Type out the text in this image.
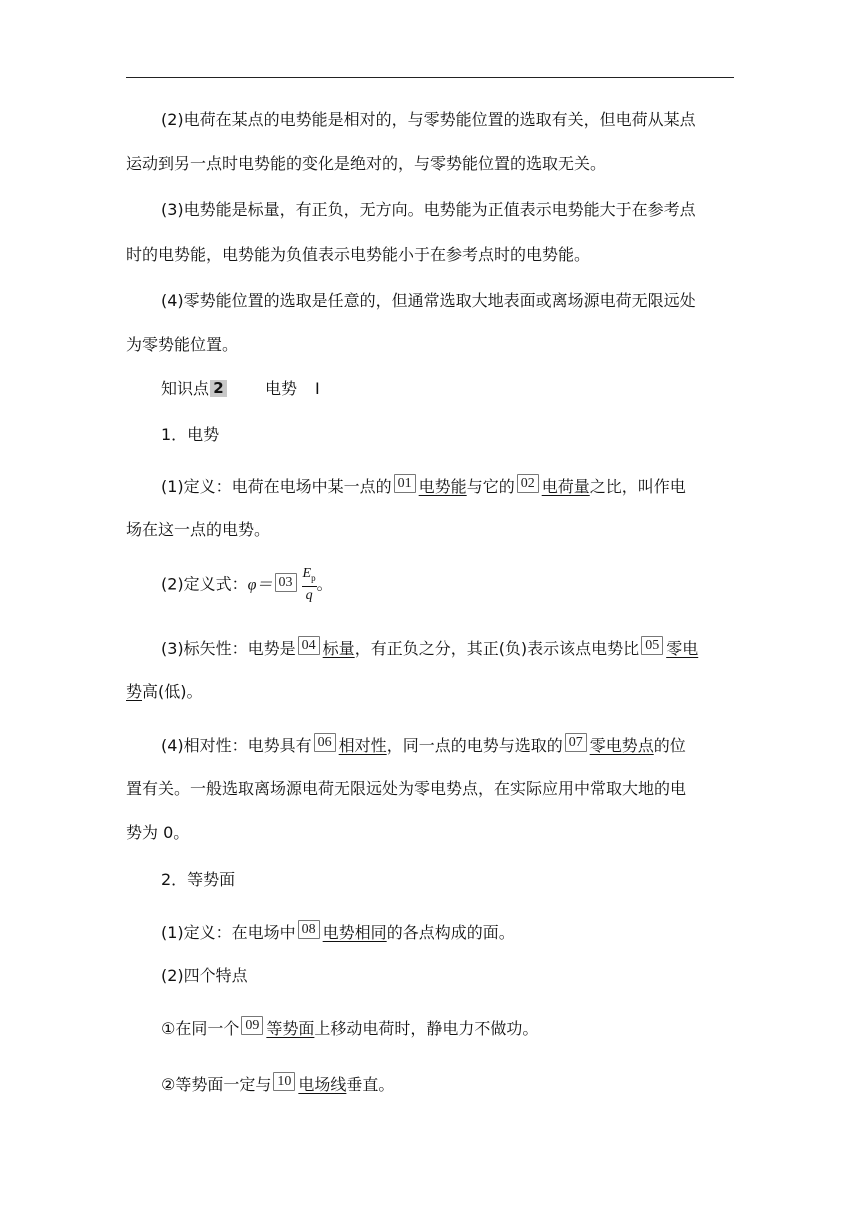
(2)电荷在某点的电势能是相对的，与零势能位置的选取有关，但电荷从某点
运动到另一点时电势能的变化是绝对的，与零势能位置的选取无关。
(3)电势能是标量，有正负，无方向。电势能为正值表示电势能大于在参考点
时的电势能，电势能为负值表示电势能小于在参考点时的电势能。
(4)零势能位置的选取是任意的，但通常选取大地表面或离场源电荷无限远处
为零势能位置。
知识点 2	电势 Ⅰ
1．电势
(1)定义：电荷在电场中某一点的 01 电势能与它的 02 电荷量之比，叫作电
场在这一点的电势。
(2)定义式：$\varphi= 03 \frac{E_p}{q}$ 。
(3)标矢性：电势是 04 标量，有正负之分，其正(负)表示该点电势比 05 零电
势高(低)。
(4)相对性：电势具有 06 相对性，同一点的电势与选取的 07 零电势点的位
置有关。一般选取离场源电荷无限远处为零电势点，在实际应用中常取大地的电
势为 0。
2．等势面
(1)定义：在电场中 08 电势相同的各点构成的面。
(2)四个特点
①在同一个 09 等势面上移动电荷时，静电力不做功。
②等势面一定与 10 电场线垂直。
